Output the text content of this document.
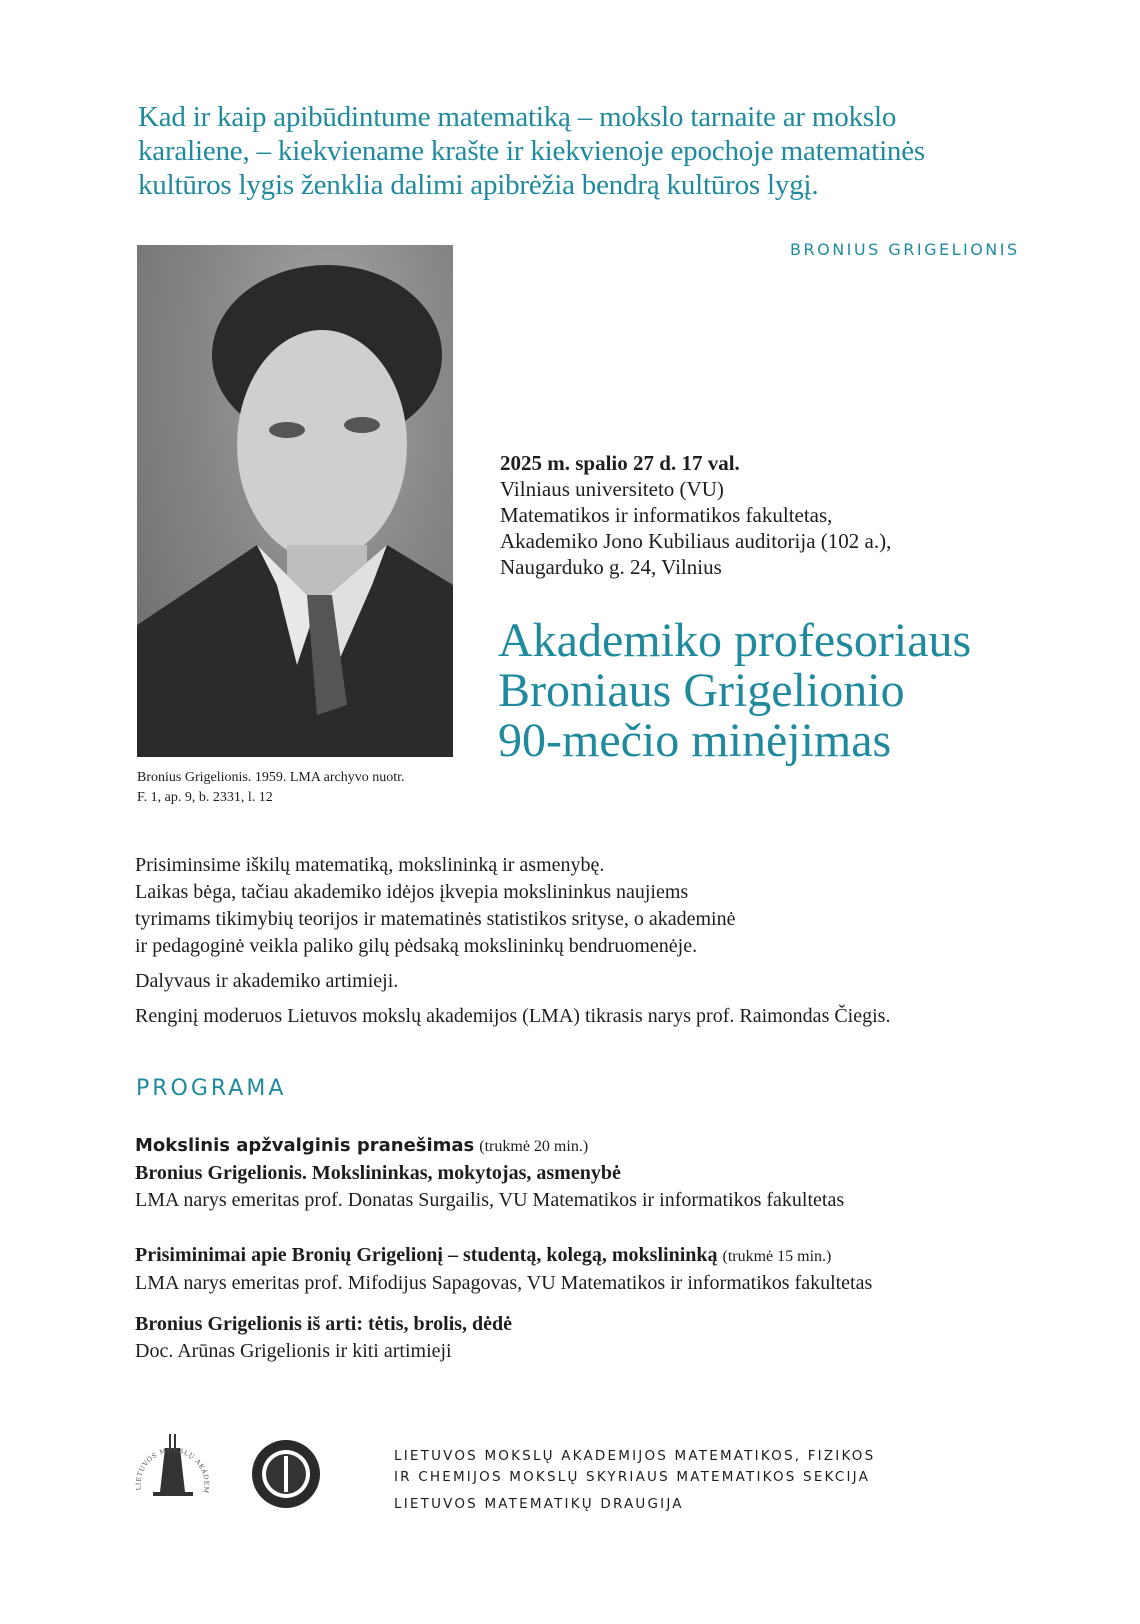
Kad ir kaip apibūdintume matematiką – mokslo tarnaite ar mokslo
karaliene, – kiekviename krašte ir kiekvienoje epochoje matematinės
kultūros lygis ženklia dalimi apibrėžia bendrą kultūros lygį.
BRONIUS GRIGELIONIS
Bronius Grigelionis. 1959. LMA archyvo nuotr.
F. 1, ap. 9, b. 2331, l. 12
2025 m. spalio 27 d. 17 val.
Vilniaus universiteto (VU)
Matematikos ir informatikos fakultetas,
Akademiko Jono Kubiliaus auditorija (102 a.),
Naugarduko g. 24, Vilnius
Akademiko profesoriaus
Broniaus Grigelionio
90-mečio minėjimas

Prisiminsime iškilų matematiką, mokslininką ir asmenybę.
Laikas bėga, tačiau akademiko idėjos įkvepia mokslininkus naujiems
tyrimams tikimybių teorijos ir matematinės statistikos srityse, o akademinė
ir pedagoginė veikla paliko gilų pėdsaką mokslininkų bendruomenėje.

Dalyvaus ir akademiko artimieji.

Renginį moderuos Lietuvos mokslų akademijos (LMA) tikrasis narys prof. Raimondas Čiegis.

PROGRAMA
Mokslinis apžvalginis pranešimas (trukmė 20 min.)
Bronius Grigelionis. Mokslininkas, mokytojas, asmenybė
LMA narys emeritas prof. Donatas Surgailis, VU Matematikos ir informatikos fakultetas
Prisiminimai apie Bronių Grigelionį – studentą, kolegą, mokslininką (trukmė 15 min.)
LMA narys emeritas prof. Mifodijus Sapagovas, VU Matematikos ir informatikos fakultetas
Bronius Grigelionis iš arti: tėtis, brolis, dėdė
Doc. Arūnas Grigelionis ir kiti artimieji
LIETUVOS MOKSLŲ AKADEM
LIETUVOS MOKSLŲ AKADEMIJOS MATEMATIKOS, FIZIKOS
IR CHEMIJOS MOKSLŲ SKYRIAUS MATEMATIKOS SEKCIJA
LIETUVOS MATEMATIKŲ DRAUGIJA
